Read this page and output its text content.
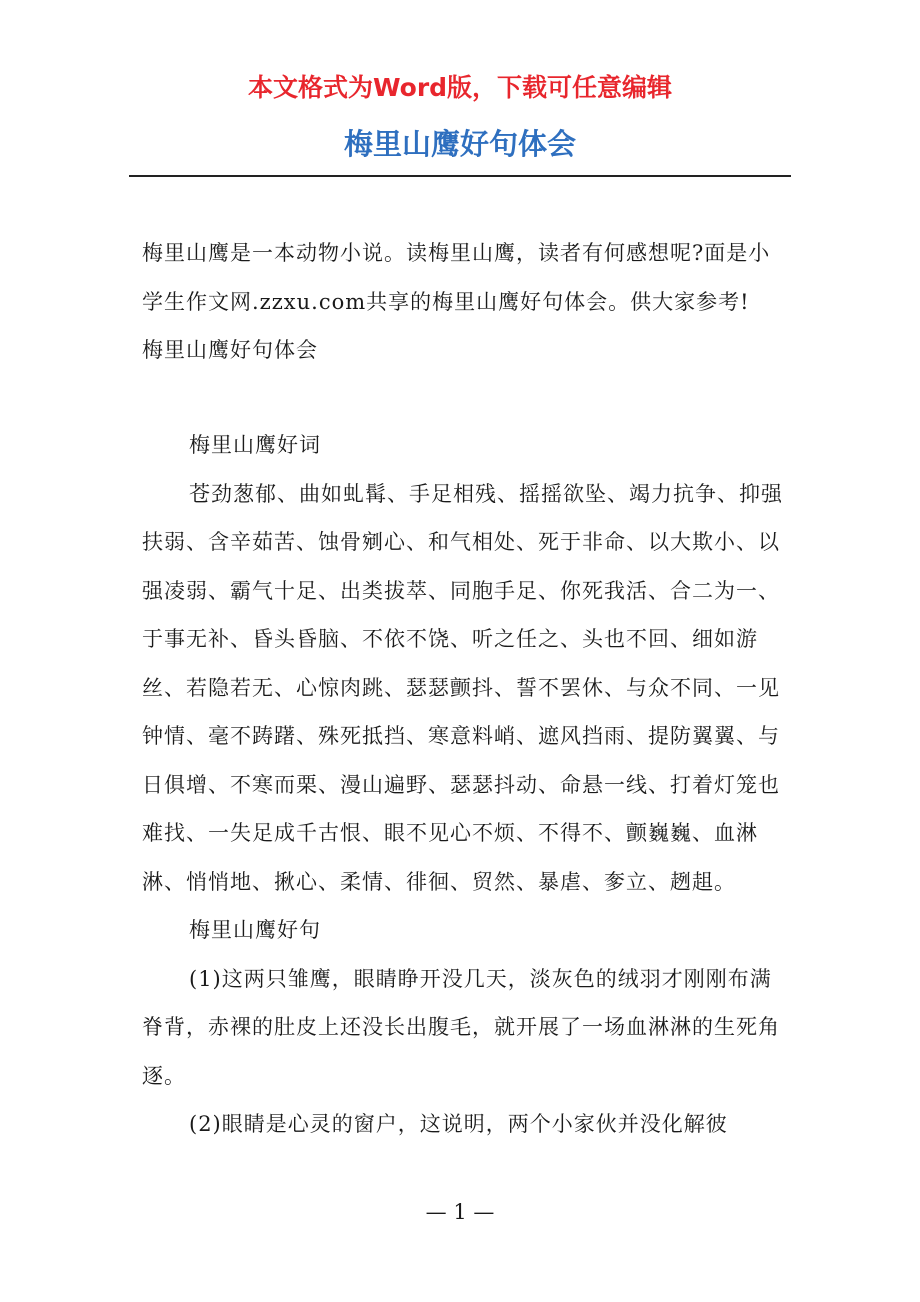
本文格式为Word版，下载可任意编辑
梅里山鹰好句体会

梅里山鹰是一本动物小说。读梅里山鹰，读者有何感想呢?面是小学生作文网.zzxu.com共享的梅里山鹰好句体会。供大家参考!　　梅里山鹰好句体会

梅里山鹰好词

苍劲葱郁、曲如虬髯、手足相残、摇摇欲坠、竭力抗争、抑强扶弱、含辛茹苦、蚀骨剜心、和气相处、死于非命、以大欺小、以强凌弱、霸气十足、出类拔萃、同胞手足、你死我活、合二为一、于事无补、昏头昏脑、不依不饶、听之任之、头也不回、细如游丝、若隐若无、心惊肉跳、瑟瑟颤抖、誓不罢休、与众不同、一见钟情、毫不踌躇、殊死抵挡、寒意料峭、遮风挡雨、提防翼翼、与日俱增、不寒而栗、漫山遍野、瑟瑟抖动、命悬一线、打着灯笼也难找、一失足成千古恨、眼不见心不烦、不得不、颤巍巍、血淋淋、悄悄地、揪心、柔情、徘徊、贸然、暴虐、奓立、趔趄。

梅里山鹰好句

(1)这两只雏鹰，眼睛睁开没几天，淡灰色的绒羽才刚刚布满脊背，赤裸的肚皮上还没长出腹毛，就开展了一场血淋淋的生死角逐。

(2)眼睛是心灵的窗户，这说明，两个小家伙并没化解彼

— 1 —
